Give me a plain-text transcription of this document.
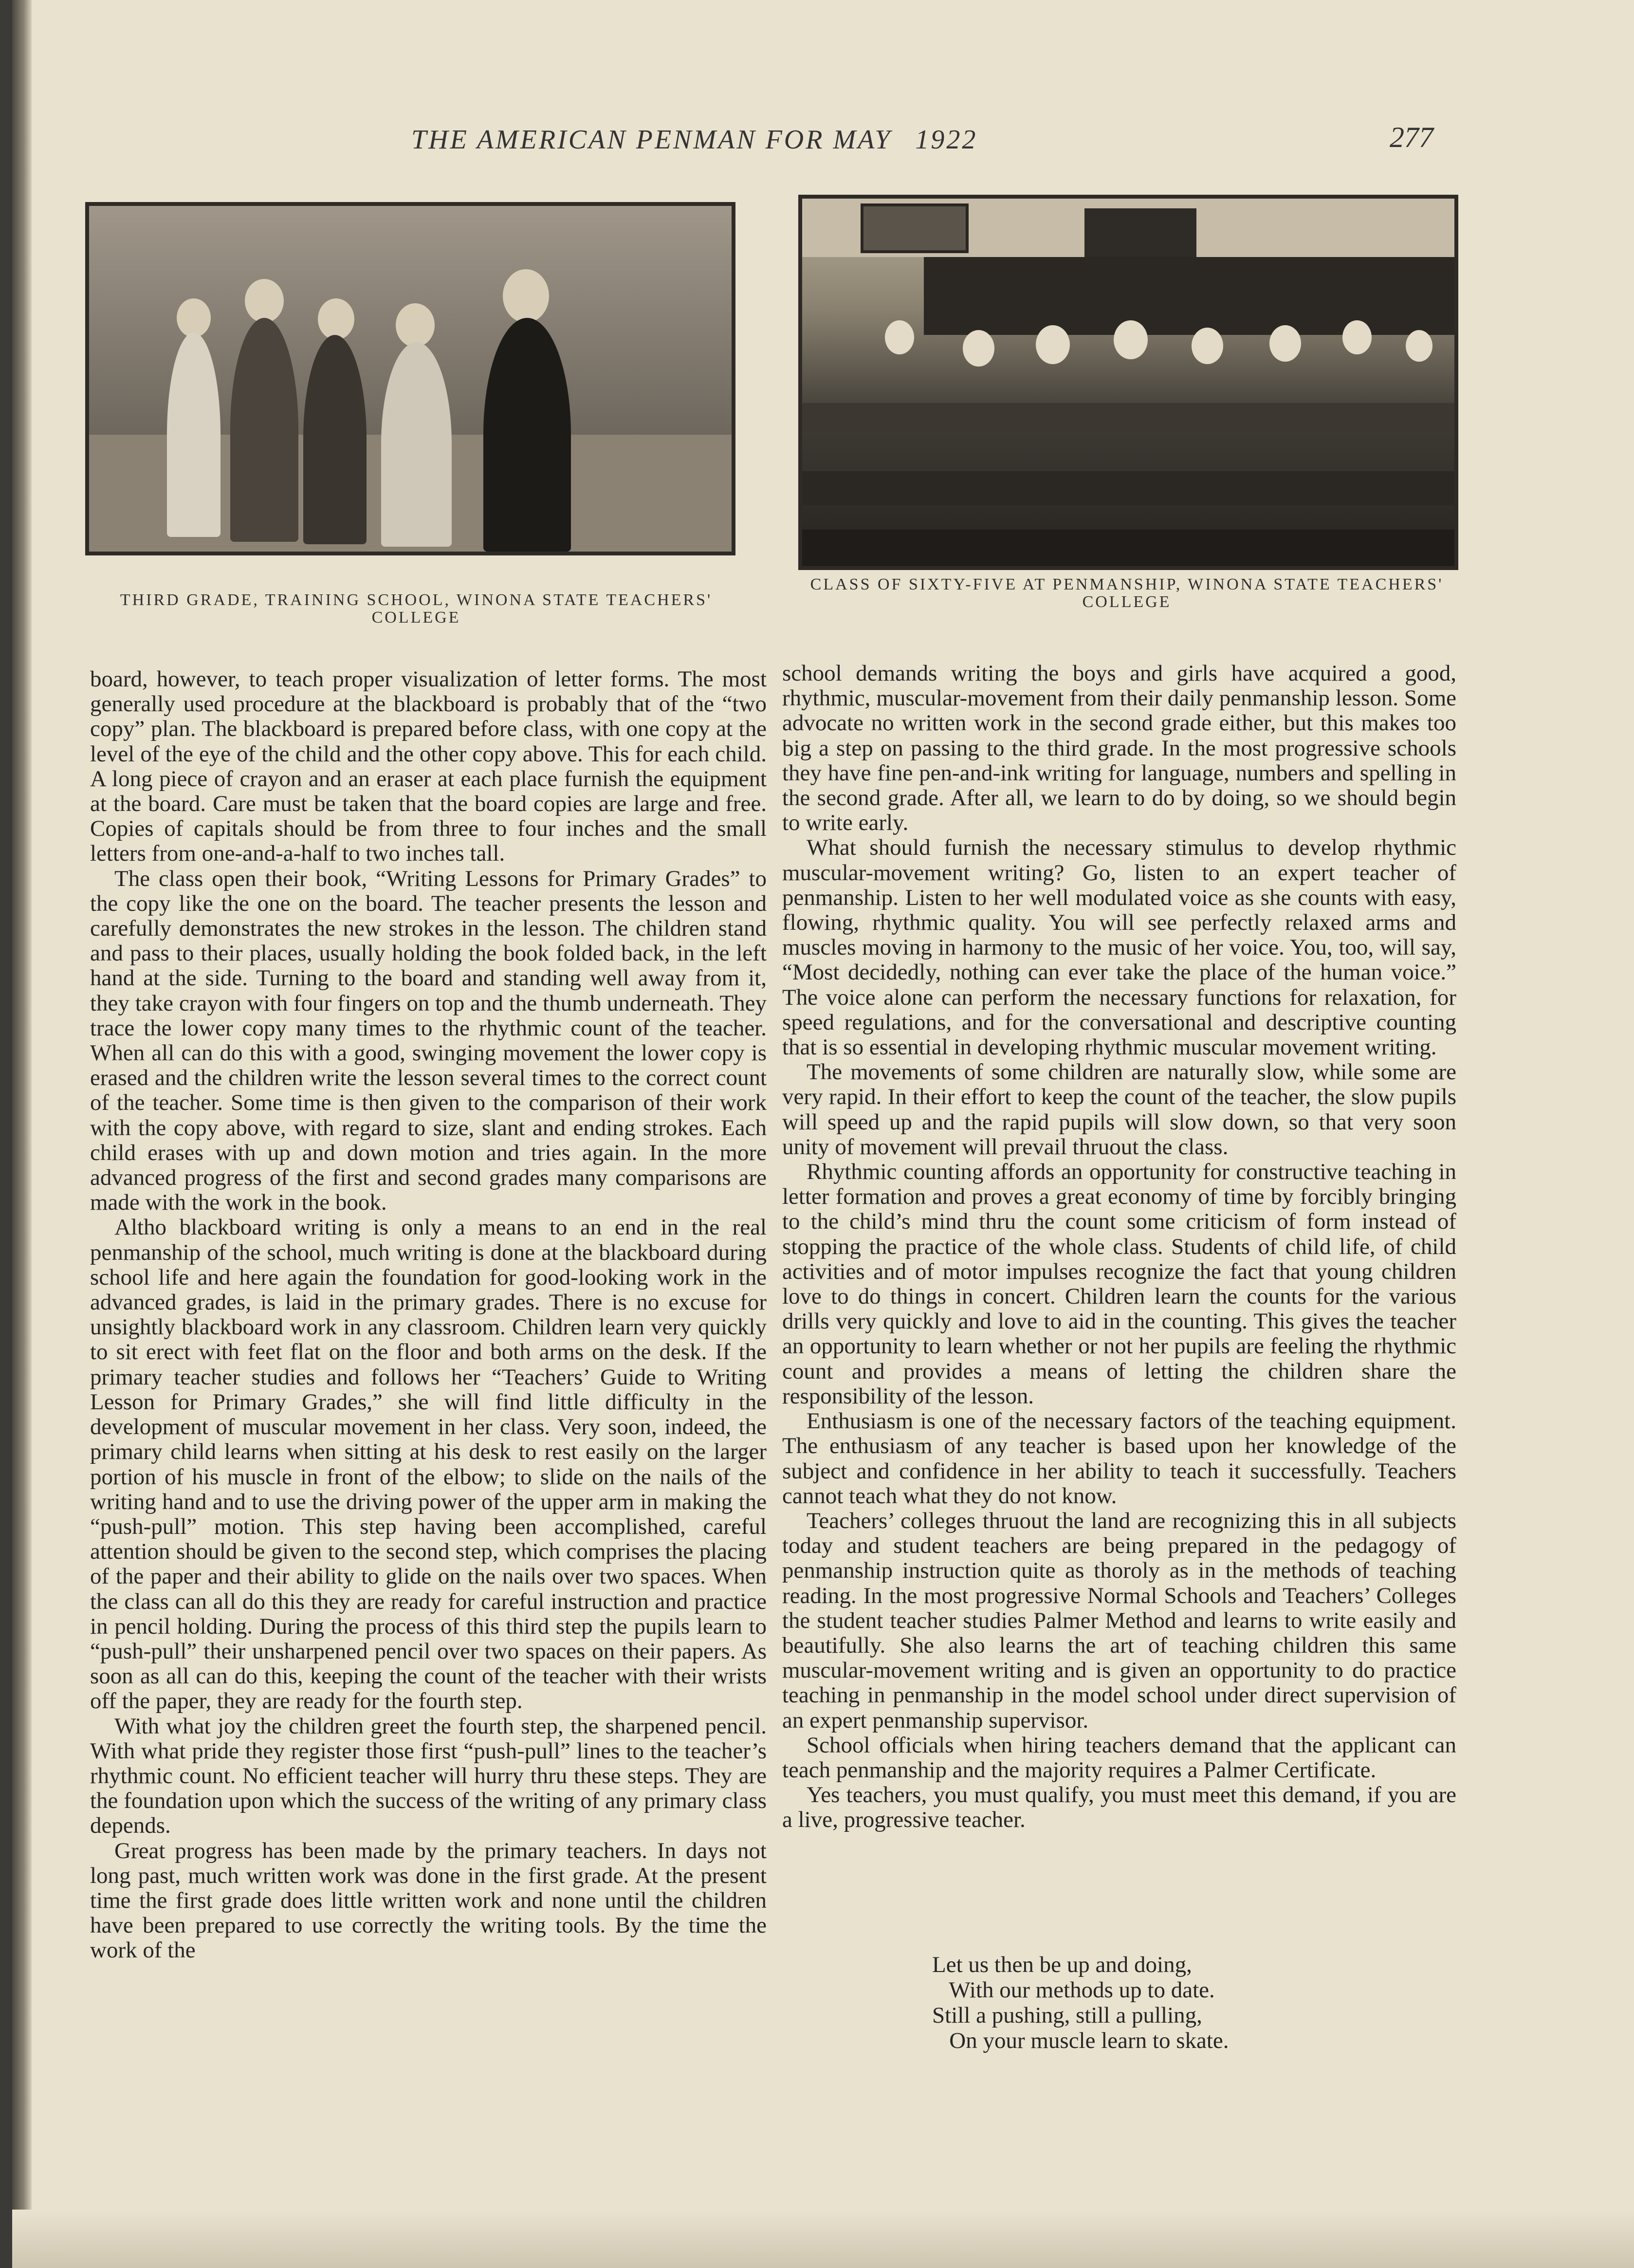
THE AMERICAN PENMAN FOR MAY 1922	277
THIRD GRADE, TRAINING SCHOOL, WINONA STATE TEACHERS' COLLEGE
CLASS OF SIXTY-FIVE AT PENMANSHIP, WINONA STATE TEACHERS' COLLEGE

board, however, to teach proper visualization of letter forms. The most generally used procedure at the blackboard is probably that of the “two copy” plan. The blackboard is prepared before class, with one copy at the level of the eye of the child and the other copy above. This for each child. A long piece of crayon and an eraser at each place furnish the equipment at the board. Care must be taken that the board copies are large and free. Copies of capitals should be from three to four inches and the small letters from one-and-a-half to two inches tall.

The class open their book, “Writing Lessons for Primary Grades” to the copy like the one on the board. The teacher presents the lesson and carefully demonstrates the new strokes in the lesson. The children stand and pass to their places, usually holding the book folded back, in the left hand at the side. Turning to the board and standing well away from it, they take crayon with four fingers on top and the thumb underneath. They trace the lower copy many times to the rhythmic count of the teacher. When all can do this with a good, swinging movement the lower copy is erased and the children write the lesson several times to the correct count of the teacher. Some time is then given to the comparison of their work with the copy above, with regard to size, slant and ending strokes. Each child erases with up and down motion and tries again. In the more advanced progress of the first and second grades many comparisons are made with the work in the book.

Altho blackboard writing is only a means to an end in the real penmanship of the school, much writing is done at the blackboard during school life and here again the foundation for good-looking work in the advanced grades, is laid in the primary grades. There is no excuse for unsightly blackboard work in any classroom. Children learn very quickly to sit erect with feet flat on the floor and both arms on the desk. If the primary teacher studies and follows her “Teachers’ Guide to Writing Lesson for Primary Grades,” she will find little difficulty in the development of muscular movement in her class. Very soon, indeed, the primary child learns when sitting at his desk to rest easily on the larger portion of his muscle in front of the elbow; to slide on the nails of the writing hand and to use the driving power of the upper arm in making the “push-pull” motion. This step having been accomplished, careful attention should be given to the second step, which comprises the placing of the paper and their ability to glide on the nails over two spaces. When the class can all do this they are ready for careful instruction and practice in pencil holding. During the process of this third step the pupils learn to “push-pull” their unsharpened pencil over two spaces on their papers. As soon as all can do this, keeping the count of the teacher with their wrists off the paper, they are ready for the fourth step.

With what joy the children greet the fourth step, the sharpened pencil. With what pride they register those first “push-pull” lines to the teacher’s rhythmic count. No efficient teacher will hurry thru these steps. They are the foundation upon which the success of the writing of any primary class depends.

Great progress has been made by the primary teachers. In days not long past, much written work was done in the first grade. At the present time the first grade does little written work and none until the children have been prepared to use correctly the writing tools. By the time the work of the

school demands writing the boys and girls have acquired a good, rhythmic, muscular-movement from their daily penmanship lesson. Some advocate no written work in the second grade either, but this makes too big a step on passing to the third grade. In the most progressive schools they have fine pen-and-ink writing for language, numbers and spelling in the second grade. After all, we learn to do by doing, so we should begin to write early.

What should furnish the necessary stimulus to develop rhythmic muscular-movement writing? Go, listen to an expert teacher of penmanship. Listen to her well modulated voice as she counts with easy, flowing, rhythmic quality. You will see perfectly relaxed arms and muscles moving in harmony to the music of her voice. You, too, will say, “Most decidedly, nothing can ever take the place of the human voice.” The voice alone can perform the necessary functions for relaxation, for speed regulations, and for the conversational and descriptive counting that is so essential in developing rhythmic muscular movement writing.

The movements of some children are naturally slow, while some are very rapid. In their effort to keep the count of the teacher, the slow pupils will speed up and the rapid pupils will slow down, so that very soon unity of movement will prevail thruout the class.

Rhythmic counting affords an opportunity for constructive teaching in letter formation and proves a great economy of time by forcibly bringing to the child’s mind thru the count some criticism of form instead of stopping the practice of the whole class. Students of child life, of child activities and of motor impulses recognize the fact that young children love to do things in concert. Children learn the counts for the various drills very quickly and love to aid in the counting. This gives the teacher an opportunity to learn whether or not her pupils are feeling the rhythmic count and provides a means of letting the children share the responsibility of the lesson.

Enthusiasm is one of the necessary factors of the teaching equipment. The enthusiasm of any teacher is based upon her knowledge of the subject and confidence in her ability to teach it successfully. Teachers cannot teach what they do not know.

Teachers’ colleges thruout the land are recognizing this in all subjects today and student teachers are being prepared in the pedagogy of penmanship instruction quite as thoroly as in the methods of teaching reading. In the most progressive Normal Schools and Teachers’ Colleges the student teacher studies Palmer Method and learns to write easily and beautifully. She also learns the art of teaching children this same muscular-movement writing and is given an opportunity to do practice teaching in penmanship in the model school under direct supervision of an expert penmanship supervisor.

School officials when hiring teachers demand that the applicant can teach penmanship and the majority requires a Palmer Certificate.

Yes teachers, you must qualify, you must meet this demand, if you are a live, progressive teacher.

Let us then be up and doing,
With our methods up to date.
Still a pushing, still a pulling,
On your muscle learn to skate.
